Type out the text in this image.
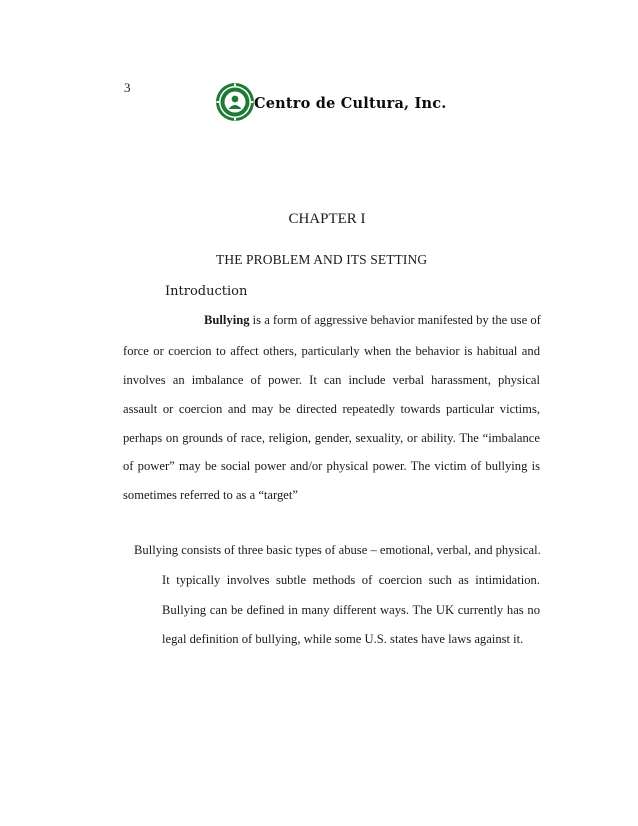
3
Centro de Cultura, Inc.
CHAPTER I
THE PROBLEM AND ITS SETTING
Introduction
Bullying is a form of aggressive behavior manifested by the use of
force or coercion to affect others, particularly when the behavior is habitual and
involves an imbalance of power. It can include verbal harassment, physical
assault or coercion and may be directed repeatedly towards particular victims,
perhaps on grounds of race, religion, gender, sexuality, or ability. The “imbalance
of power” may be social power and/or physical power. The victim of bullying is
sometimes referred to as a “target”
Bullying consists of three basic types of abuse – emotional, verbal, and physical.
It typically involves subtle methods of coercion such as intimidation.
Bullying can be defined in many different ways. The UK currently has no
legal definition of bullying, while some U.S. states have laws against it.
